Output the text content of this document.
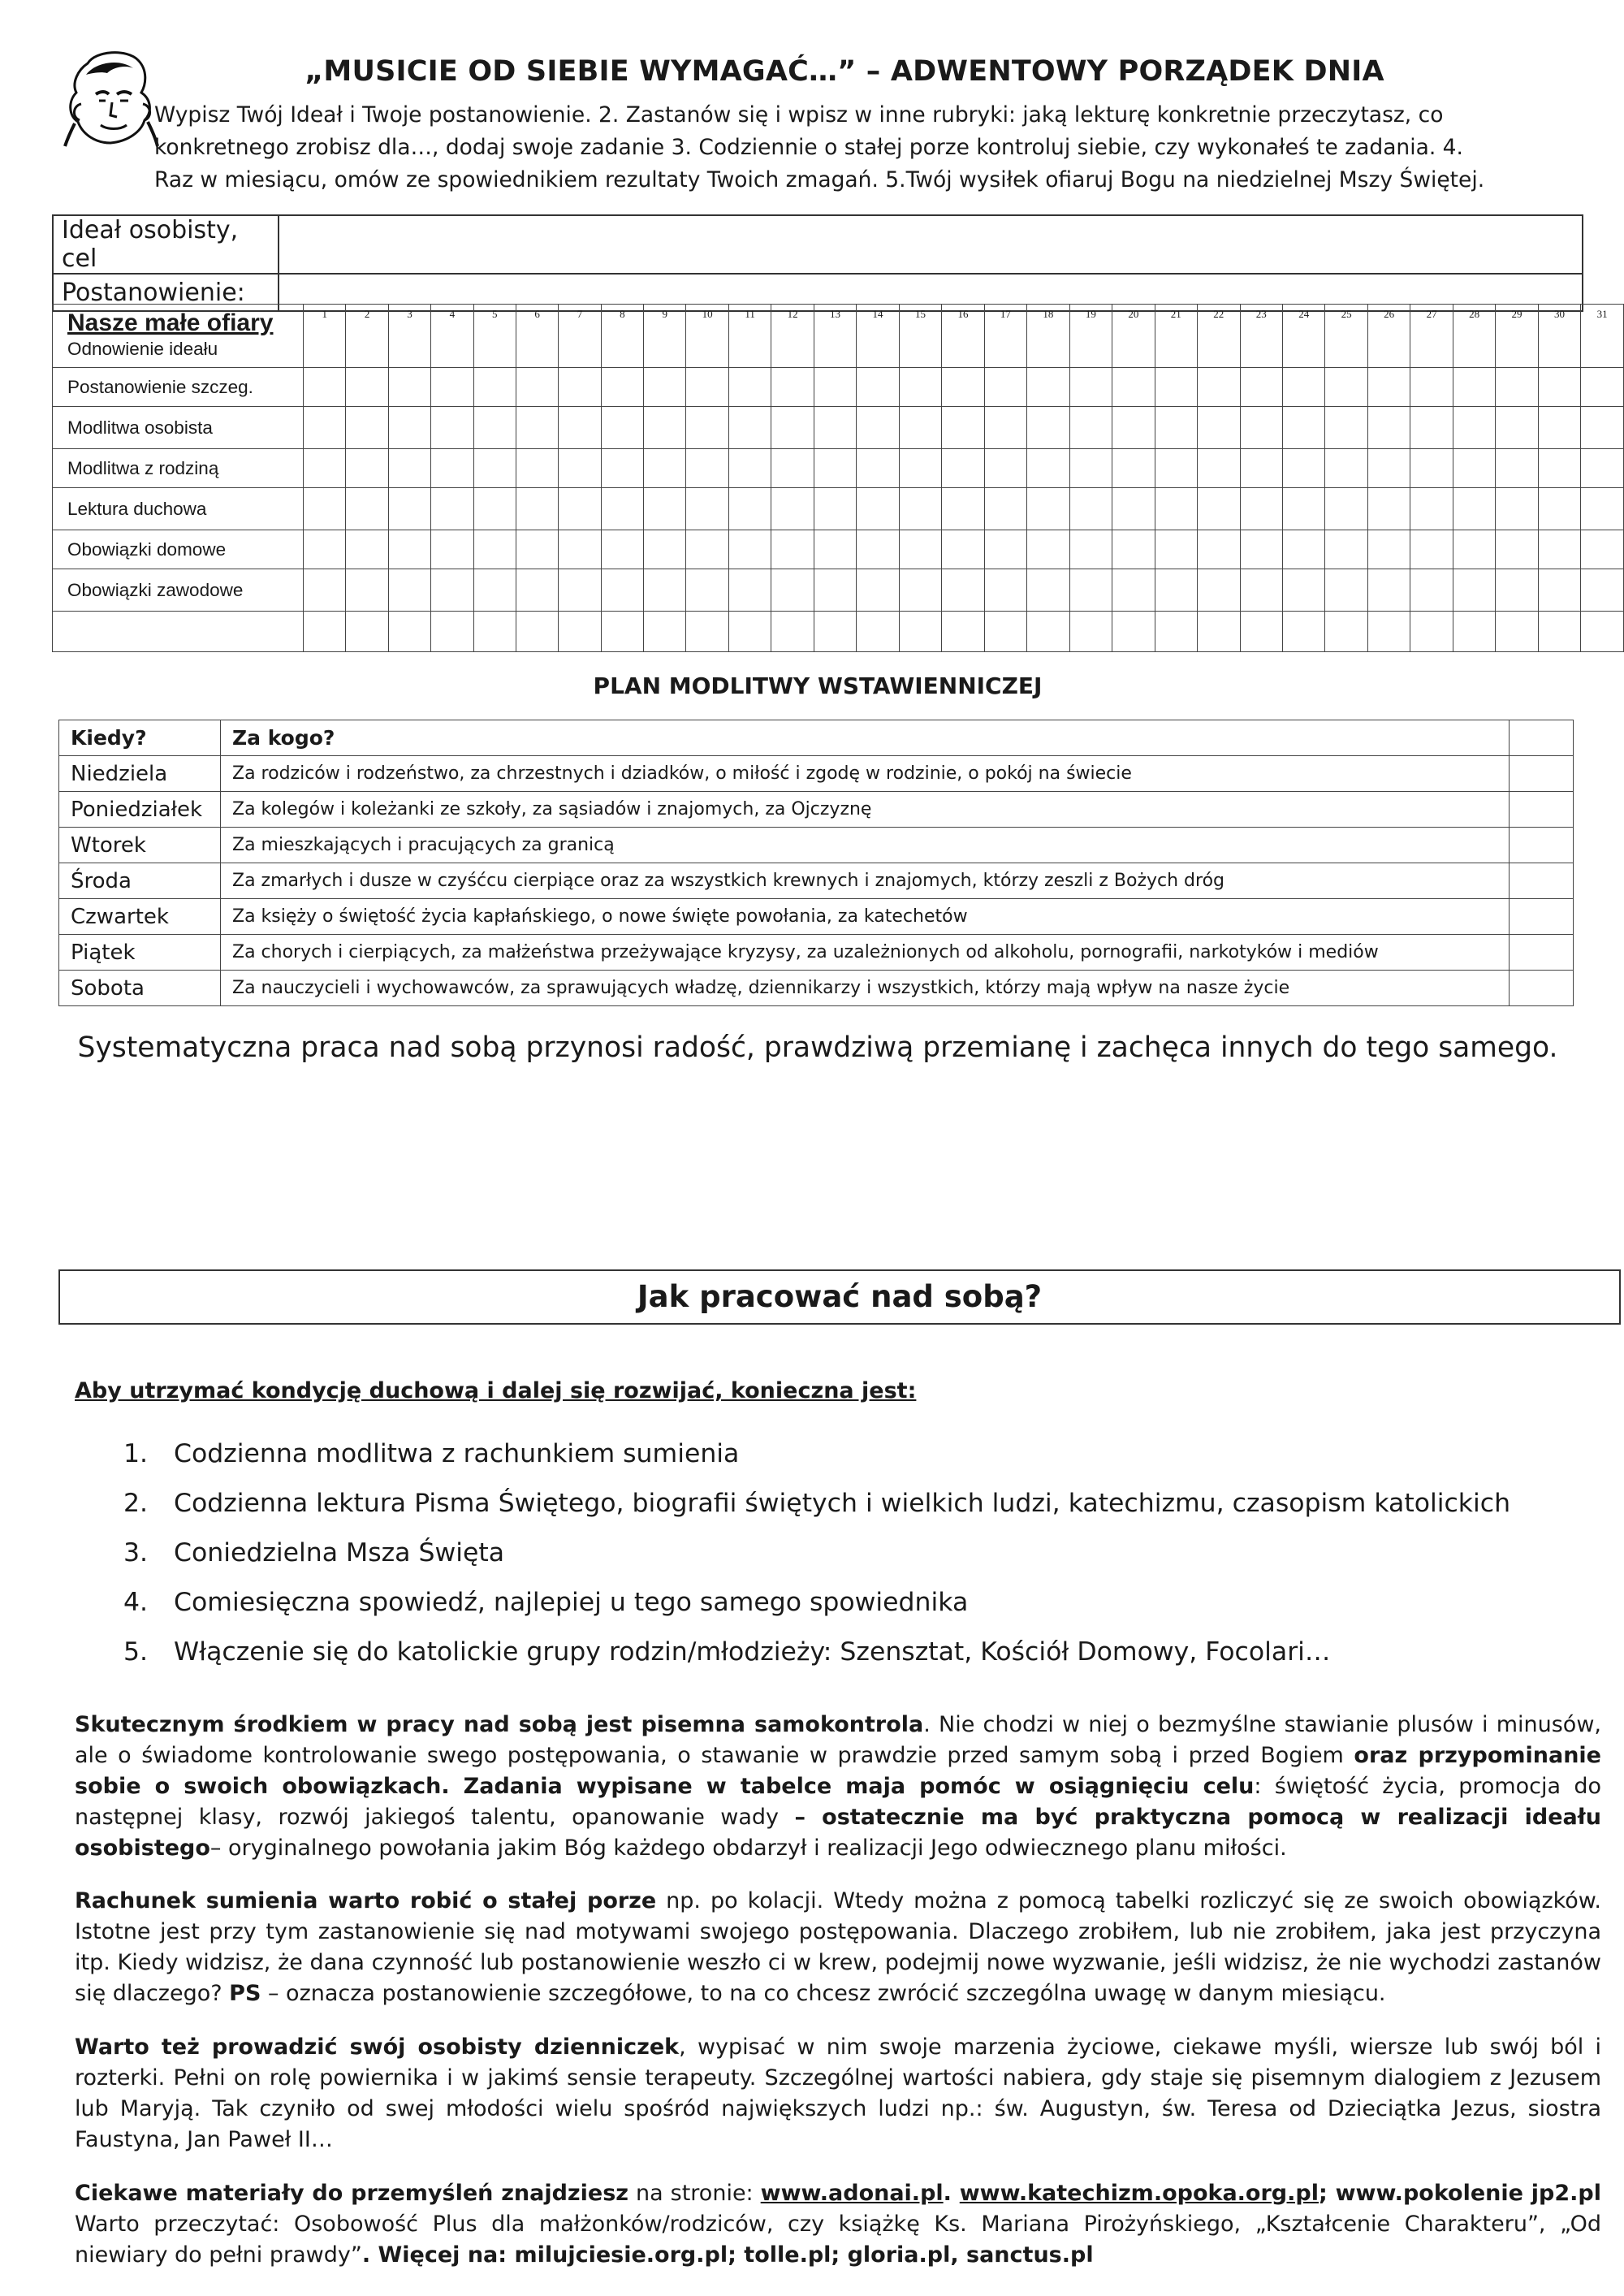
„MUSICIE OD SIEBIE WYMAGAĆ…” – ADWENTOWY PORZĄDEK DNIA

Wypisz Twój Ideał i Twoje postanowienie. 2. Zastanów się i wpisz w inne rubryki: jaką lekturę konkretnie przeczytasz, co

konkretnego zrobisz dla…, dodaj swoje zadanie 3. Codziennie o stałej porze kontroluj siebie, czy wykonałeś te zadania. 4.

Raz w miesiącu, omów ze spowiednikiem rezultaty Twoich zmagań. 5.Twój wysiłek ofiaruj Bogu na niedzielnej Mszy Świętej.

Ideał osobisty, cel	
Postanowienie:	
Nasze małe ofiary
Odnowienie ideału	1	2	3	4	5	6	7	8	9	10	11	12	13	14	15	16	17	18	19	20	21	22	23	24	25	26	27	28	29	30	31
Postanowienie szczeg.																															
Modlitwa osobista																															
Modlitwa z rodziną																															
Lektura duchowa																															
Obowiązki domowe																															
Obowiązki zawodowe																															

PLAN MODLITWY WSTAWIENNICZEJ
Kiedy?	Za kogo?	
Niedziela	Za rodziców i rodzeństwo, za chrzestnych i dziadków, o miłość i zgodę w rodzinie, o pokój na świecie	
Poniedziałek	Za kolegów i koleżanki ze szkoły, za sąsiadów i znajomych, za Ojczyznę	
Wtorek	Za mieszkających i pracujących za granicą	
Środa	Za zmarłych i dusze w czyśćcu cierpiące oraz za wszystkich krewnych i znajomych, którzy zeszli z Bożych dróg	
Czwartek	Za księży o świętość życia kapłańskiego, o nowe święte powołania, za katechetów	
Piątek	Za chorych i cierpiących, za małżeństwa przeżywające kryzysy, za uzależnionych od alkoholu, pornografii, narkotyków i mediów	
Sobota	Za nauczycieli i wychowawców, za sprawujących władzę, dziennikarzy i wszystkich, którzy mają wpływ na nasze życie	
Systematyczna praca nad sobą przynosi radość, prawdziwą przemianę i zachęca innych do tego samego.
Jak pracować nad sobą?
Aby utrzymać kondycję duchową i dalej się rozwijać, konieczna jest:
1. Codzienna modlitwa z rachunkiem sumienia
2. Codzienna lektura Pisma Świętego, biografii świętych i wielkich ludzi, katechizmu, czasopism katolickich
3. Coniedzielna Msza Święta
4. Comiesięczna spowiedź, najlepiej u tego samego spowiednika
5. Włączenie się do katolickie grupy rodzin/młodzieży: Szensztat, Kościół Domowy, Focolari…
Skutecznym środkiem w pracy nad sobą jest pisemna samokontrola. Nie chodzi w niej o bezmyślne stawianie plusów i minusów, ale o świadome kontrolowanie swego postępowania, o stawanie w prawdzie przed samym sobą i przed Bogiem oraz przypominanie sobie o swoich obowiązkach. Zadania wypisane w tabelce maja pomóc w osiągnięciu celu: świętość życia, promocja do następnej klasy, rozwój jakiegoś talentu, opanowanie wady – ostatecznie ma być praktyczna pomocą w realizacji ideału osobistego– oryginalnego powołania jakim Bóg każdego obdarzył i realizacji Jego odwiecznego planu miłości.
Rachunek sumienia warto robić o stałej porze np. po kolacji. Wtedy można z pomocą tabelki rozliczyć się ze swoich obowiązków. Istotne jest przy tym zastanowienie się nad motywami swojego postępowania. Dlaczego zrobiłem, lub nie zrobiłem, jaka jest przyczyna itp. Kiedy widzisz, że dana czynność lub postanowienie weszło ci w krew, podejmij nowe wyzwanie, jeśli widzisz, że nie wychodzi zastanów się dlaczego? PS – oznacza postanowienie szczegółowe, to na co chcesz zwrócić szczególna uwagę w danym miesiącu.
Warto też prowadzić swój osobisty dzienniczek, wypisać w nim swoje marzenia życiowe, ciekawe myśli, wiersze lub swój ból i rozterki. Pełni on rolę powiernika i w jakimś sensie terapeuty. Szczególnej wartości nabiera, gdy staje się pisemnym dialogiem z Jezusem lub Maryją. Tak czyniło od swej młodości wielu spośród największych ludzi np.: św. Augustyn, św. Teresa od Dzieciątka Jezus, siostra Faustyna, Jan Paweł II…
Ciekawe materiały do przemyśleń znajdziesz na stronie: www.adonai.pl. www.katechizm.opoka.org.pl; www.pokolenie jp2.pl Warto przeczytać: Osobowość Plus dla małżonków/rodziców, czy książkę Ks. Mariana Pirożyńskiego, „Kształcenie Charakteru”, „Od niewiary do pełni prawdy”. Więcej na: milujciesie.org.pl; tolle.pl; gloria.pl, sanctus.pl
